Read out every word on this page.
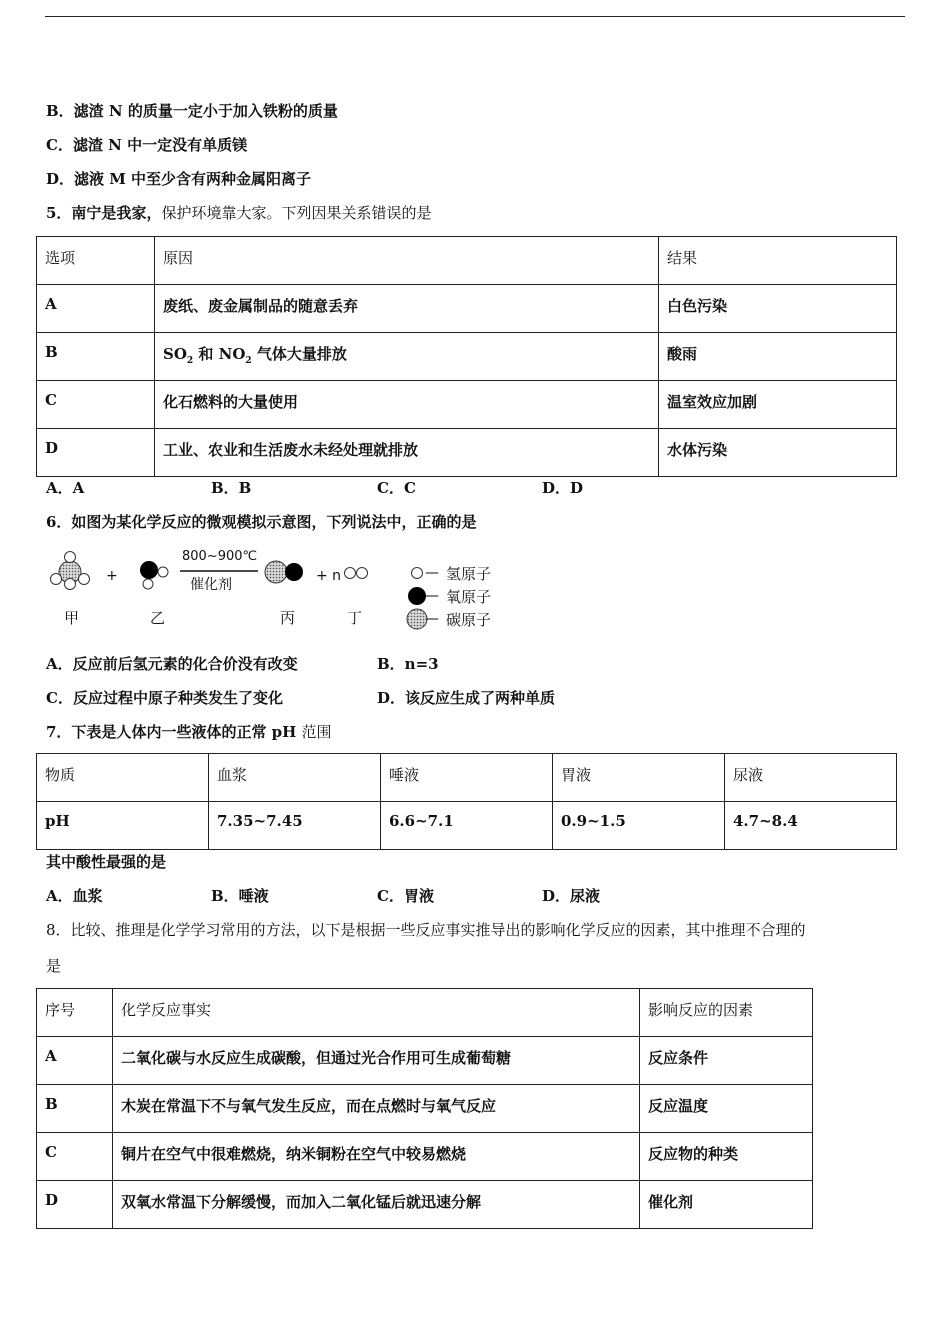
B．滤渣 N 的质量一定小于加入铁粉的质量
C．滤渣 N 中一定没有单质镁
D．滤液 M 中至少含有两种金属阳离子
5．南宁是我家，保护环境靠大家。下列因果关系错误的是
选项	原因	结果
A	废纸、废金属制品的随意丢弃	白色污染
B	$SO_2$ 和 $NO_2$ 气体大量排放	酸雨
C	化石燃料的大量使用	温室效应加剧
D	工业、农业和生活废水未经处理就排放	水体污染
A．A	B．B	C．C	D．D
6．如图为某化学反应的微观模拟示意图，下列说法中，正确的是
+
800~900℃
催化剂
+ n
甲	乙	丙	丁
— 氢原子
— 氧原子
— 碳原子
A．反应前后氢元素的化合价没有改变	B．n=3
C．反应过程中原子种类发生了变化	D．该反应生成了两种单质
7．下表是人体内一些液体的正常 pH 范围
物质	血浆	唾液	胃液	尿液
pH	7.35~7.45	6.6~7.1	0.9~1.5	4.7~8.4
其中酸性最强的是
A．血浆	B．唾液	C．胃液	D．尿液
8．比较、推理是化学学习常用的方法，以下是根据一些反应事实推导出的影响化学反应的因素，其中推理不合理的
是
序号	化学反应事实	影响反应的因素
A	二氧化碳与水反应生成碳酸，但通过光合作用可生成葡萄糖	反应条件
B	木炭在常温下不与氧气发生反应，而在点燃时与氧气反应	反应温度
C	铜片在空气中很难燃烧，纳米铜粉在空气中较易燃烧	反应物的种类
D	双氧水常温下分解缓慢，而加入二氧化锰后就迅速分解	催化剂
